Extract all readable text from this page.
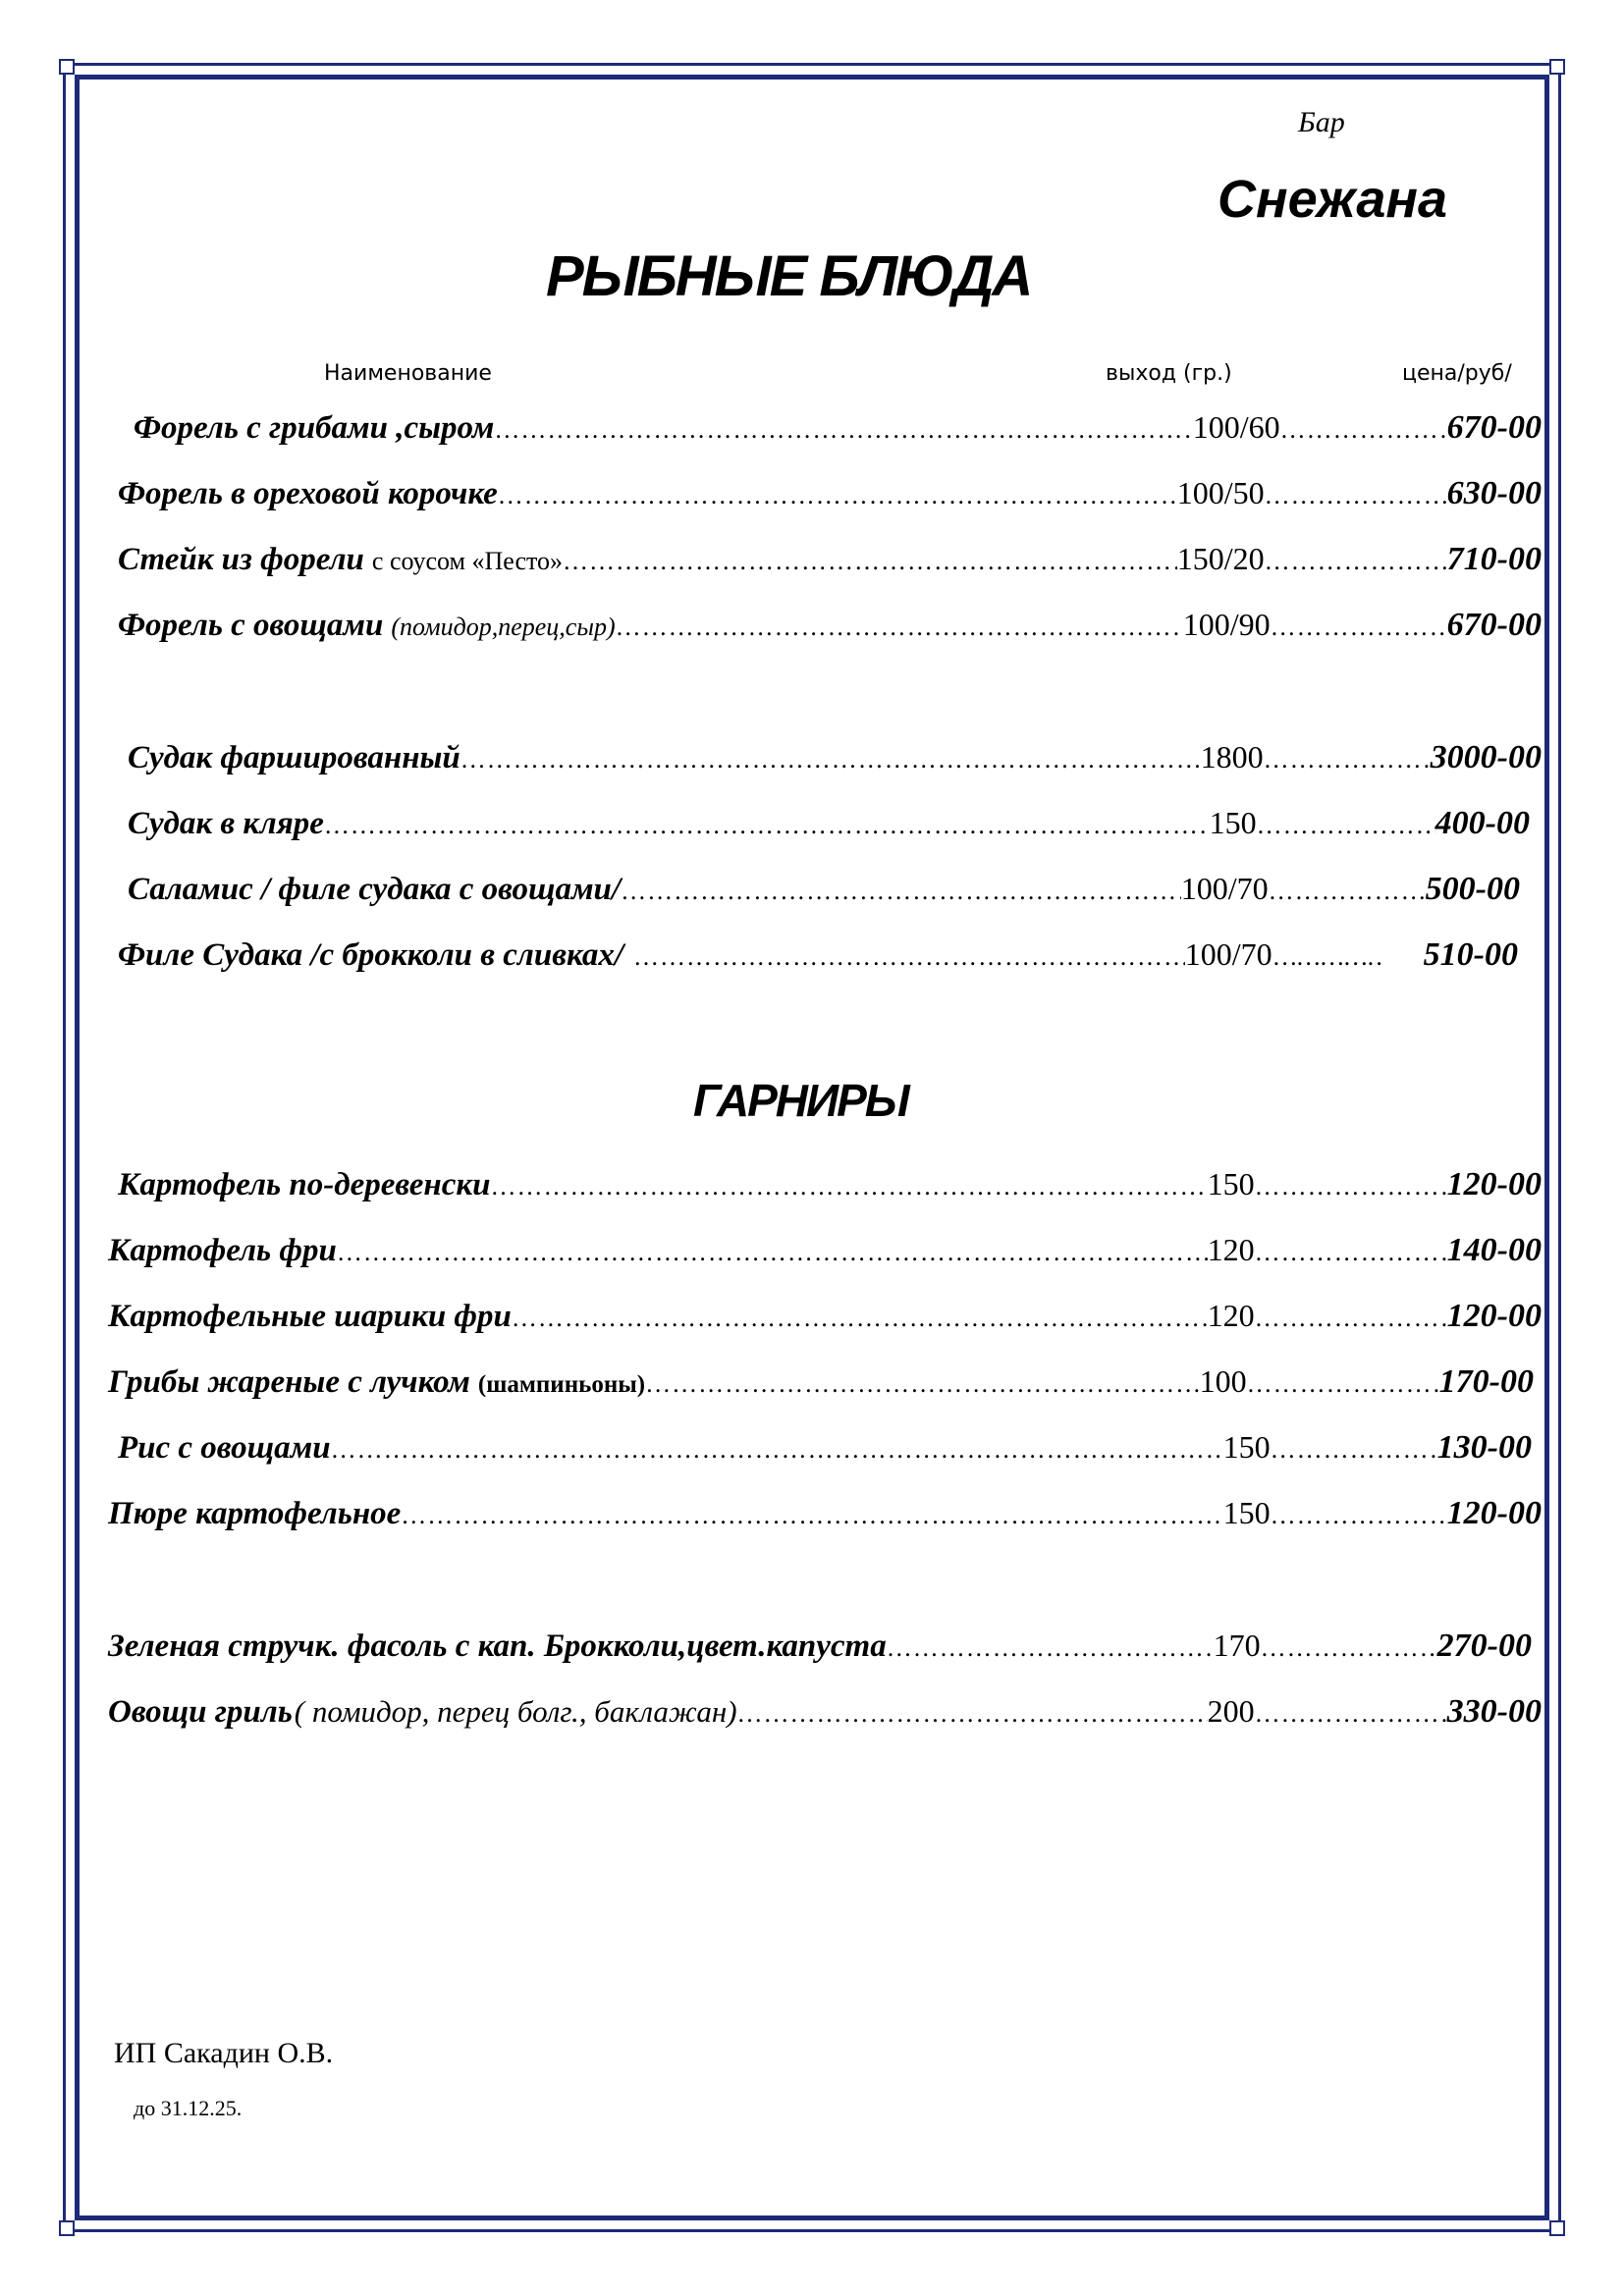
Бар
Снежана
РЫБНЫЕ БЛЮДА
Наименование	выход (гр.)	цена/руб/
Форель с грибами ,сыром …………………………………………………………………………………………………………………………………………………………………………………………………………	100/60 …………………………………………………………………………………………………………………………………………………………………………………………………………	670-00
Форель в ореховой корочке …………………………………………………………………………………………………………………………………………………………………………………………………………	100/50 …………………………………………………………………………………………………………………………………………………………………………………………………………	630-00
Стейк из форели с соусом «Песто» …………………………………………………………………………………………………………………………………………………………………………………………………………	150/20 …………………………………………………………………………………………………………………………………………………………………………………………………………	710-00
Форель с овощами (помидор,перец,сыр) …………………………………………………………………………………………………………………………………………………………………………………………………………	100/90 …………………………………………………………………………………………………………………………………………………………………………………………………………	670-00
Судак фаршированный …………………………………………………………………………………………………………………………………………………………………………………………………………	1800 …………………………………………………………………………………………………………………………………………………………………………………………………………	3000-00
Судак в кляре …………………………………………………………………………………………………………………………………………………………………………………………………………	150 …………………………………………………………………………………………………………………………………………………………………………………………………………	400-00
Саламис / филе судака с овощами/ …………………………………………………………………………………………………………………………………………………………………………………………………………	100/70 …………………………………………………………………………………………………………………………………………………………………………………………………………	500-00
Филе Судака /с брокколи в сливках/ …………………………………………………………………………………………………………………………………………………………………………………………………………	100/70 …………………………………………………………………………………………………………………………………………………………………………………………………………	510-00
ГАРНИРЫ
Картофель по-деревенски …………………………………………………………………………………………………………………………………………………………………………………………………………	150 …………………………………………………………………………………………………………………………………………………………………………………………………………	120-00
Картофель фри …………………………………………………………………………………………………………………………………………………………………………………………………………	120 …………………………………………………………………………………………………………………………………………………………………………………………………………	140-00
Картофельные шарики фри …………………………………………………………………………………………………………………………………………………………………………………………………………	120 …………………………………………………………………………………………………………………………………………………………………………………………………………	120-00
Грибы жареные с лучком (шампиньоны) …………………………………………………………………………………………………………………………………………………………………………………………………………	100 …………………………………………………………………………………………………………………………………………………………………………………………………………	170-00
Рис с овощами …………………………………………………………………………………………………………………………………………………………………………………………………………	150 …………………………………………………………………………………………………………………………………………………………………………………………………………	130-00
Пюре картофельное …………………………………………………………………………………………………………………………………………………………………………………………………………	150 …………………………………………………………………………………………………………………………………………………………………………………………………………	120-00
Зеленая стручк. фасоль с кап. Брокколи,цвет.капуста …………………………………………………………………………………………………………………………………………………………………………………………………………	170 …………………………………………………………………………………………………………………………………………………………………………………………………………	270-00
Овощи гриль ( помидор, перец болг., баклажан) …………………………………………………………………………………………………………………………………………………………………………………………………………	200 …………………………………………………………………………………………………………………………………………………………………………………………………………	330-00
ИП Сакадин О.В.
до 31.12.25.
